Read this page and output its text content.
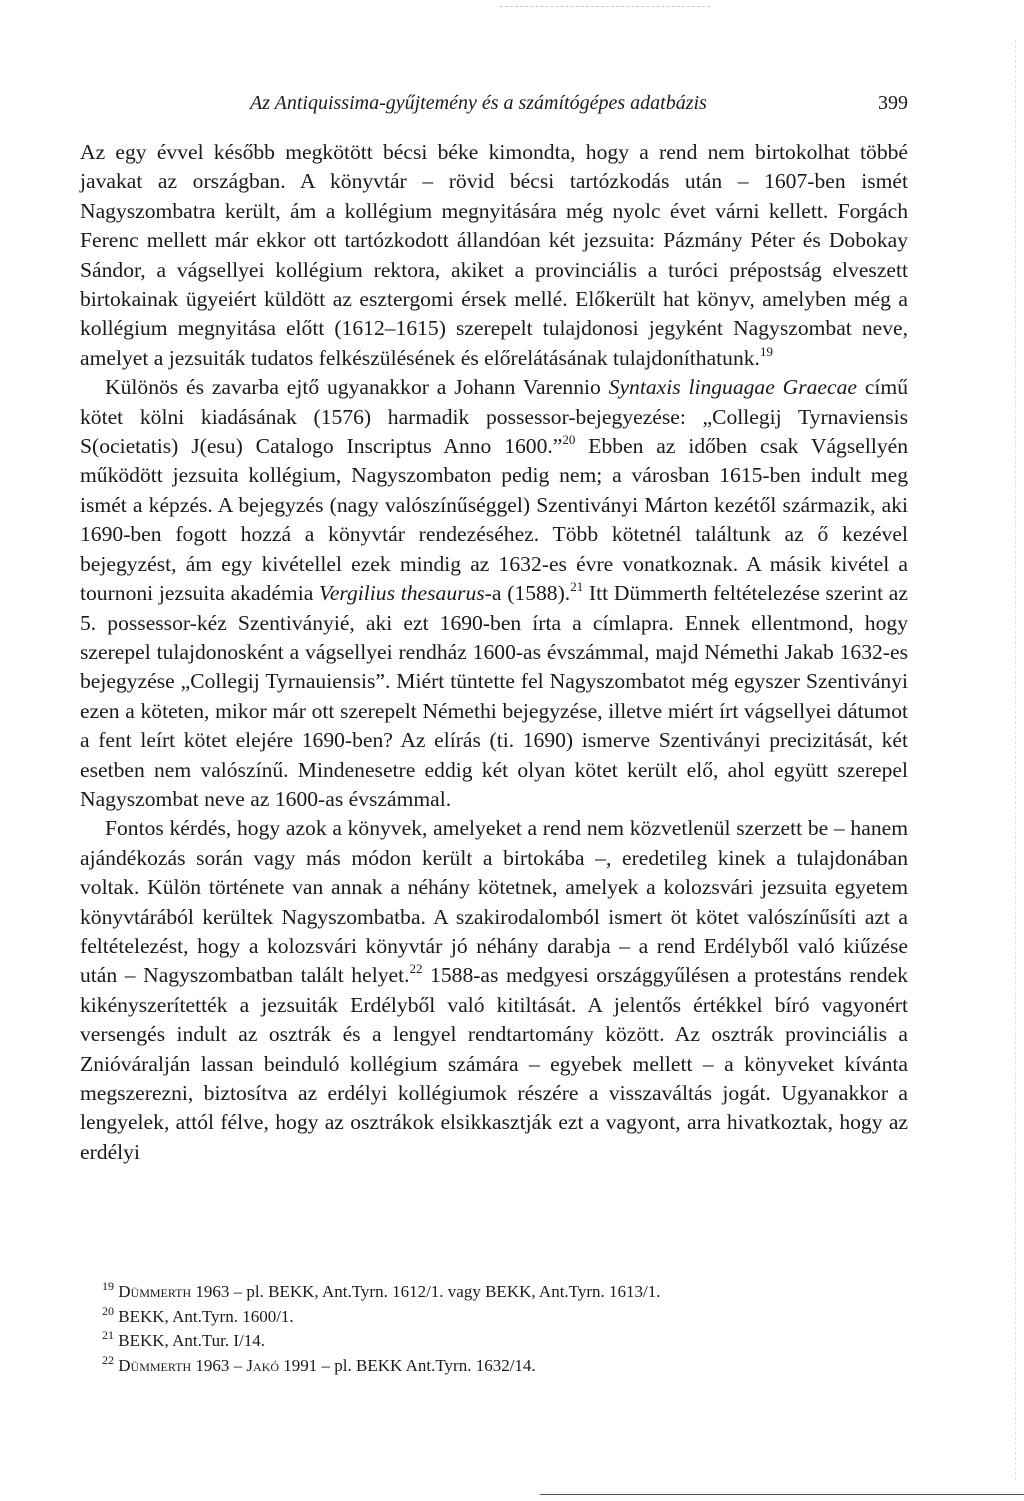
Az Antiquissima-gyűjtemény és a számítógépes adatbázis	399

Az egy évvel később megkötött bécsi béke kimondta, hogy a rend nem birtokolhat többé javakat az országban. A könyvtár – rövid bécsi tartózkodás után – 1607-ben ismét Nagyszombatra került, ám a kollégium megnyitására még nyolc évet várni kellett. Forgách Ferenc mellett már ekkor ott tartózkodott állandóan két jezsuita: Pázmány Péter és Dobokay Sándor, a vágsellyei kollégium rektora, akiket a provinciális a turóci prépostság elveszett birtokainak ügyeiért küldött az esztergomi érsek mellé. Előkerült hat könyv, amelyben még a kollégium megnyitása előtt (1612–1615) szerepelt tulajdonosi jegyként Nagyszombat neve, amelyet a jezsuiták tudatos felkészülésének és előrelátásának tulajdoníthatunk.$^{19}$

Különös és zavarba ejtő ugyanakkor a Johann Varennio Syntaxis linguagae Graecae című kötet kölni kiadásának (1576) harmadik possessor-bejegyezése: „Collegij Tyrnaviensis S(ocietatis) J(esu) Catalogo Inscriptus Anno 1600.”$^{20}$ Ebben az időben csak Vágsellyén működött jezsuita kollégium, Nagyszombaton pedig nem; a városban 1615-ben indult meg ismét a képzés. A bejegyzés (nagy valószínűséggel) Szentiványi Márton kezétől származik, aki 1690-ben fogott hozzá a könyvtár rendezéséhez. Több kötetnél találtunk az ő kezével bejegyzést, ám egy kivétellel ezek mindig az 1632-es évre vonatkoznak. A másik kivétel a tournoni jezsuita akadémia Vergilius thesaurus-a (1588).$^{21}$ Itt Dümmerth feltételezése szerint az 5. possessor-kéz Szentiványié, aki ezt 1690-ben írta a címlapra. Ennek ellentmond, hogy szerepel tulajdonosként a vágsellyei rendház 1600-as évszámmal, majd Némethi Jakab 1632-es bejegyzése „Collegij Tyrnauiensis”. Miért tüntette fel Nagyszombatot még egyszer Szentiványi ezen a köteten, mikor már ott szerepelt Némethi bejegyzése, illetve miért írt vágsellyei dátumot a fent leírt kötet elejére 1690-ben? Az elírás (ti. 1690) ismerve Szentiványi precizitását, két esetben nem valószínű. Mindenesetre eddig két olyan kötet került elő, ahol együtt szerepel Nagyszombat neve az 1600-as évszámmal.

Fontos kérdés, hogy azok a könyvek, amelyeket a rend nem közvetlenül szerzett be – hanem ajándékozás során vagy más módon került a birtokába –, eredetileg kinek a tulajdonában voltak. Külön története van annak a néhány kötetnek, amelyek a kolozsvári jezsuita egyetem könyvtárából kerültek Nagyszombatba. A szakirodalomból ismert öt kötet valószínűsíti azt a feltételezést, hogy a kolozsvári könyvtár jó néhány darabja – a rend Erdélyből való kiűzése után – Nagyszombatban talált helyet.$^{22}$ 1588-as medgyesi országgyűlésen a protestáns rendek kikényszerítették a jezsuiták Erdélyből való kitiltását. A jelentős értékkel bíró vagyonért versengés indult az osztrák és a lengyel rendtartomány között. Az osztrák provinciális a Znióváralján lassan beinduló kollégium számára – egyebek mellett – a könyveket kívánta megszerezni, biztosítva az erdélyi kollégiumok részére a visszaváltás jogát. Ugyanakkor a lengyelek, attól félve, hogy az osztrákok elsikkasztják ezt a vagyont, arra hivatkoztak, hogy az erdélyi

$^{19}$ Dümmerth 1963 – pl. BEKK, Ant.Tyrn. 1612/1. vagy BEKK, Ant.Tyrn. 1613/1.

$^{20}$ BEKK, Ant.Tyrn. 1600/1.

$^{21}$ BEKK, Ant.Tur. I/14.

$^{22}$ Dümmerth 1963 – Jakó 1991 – pl. BEKK Ant.Tyrn. 1632/14.
